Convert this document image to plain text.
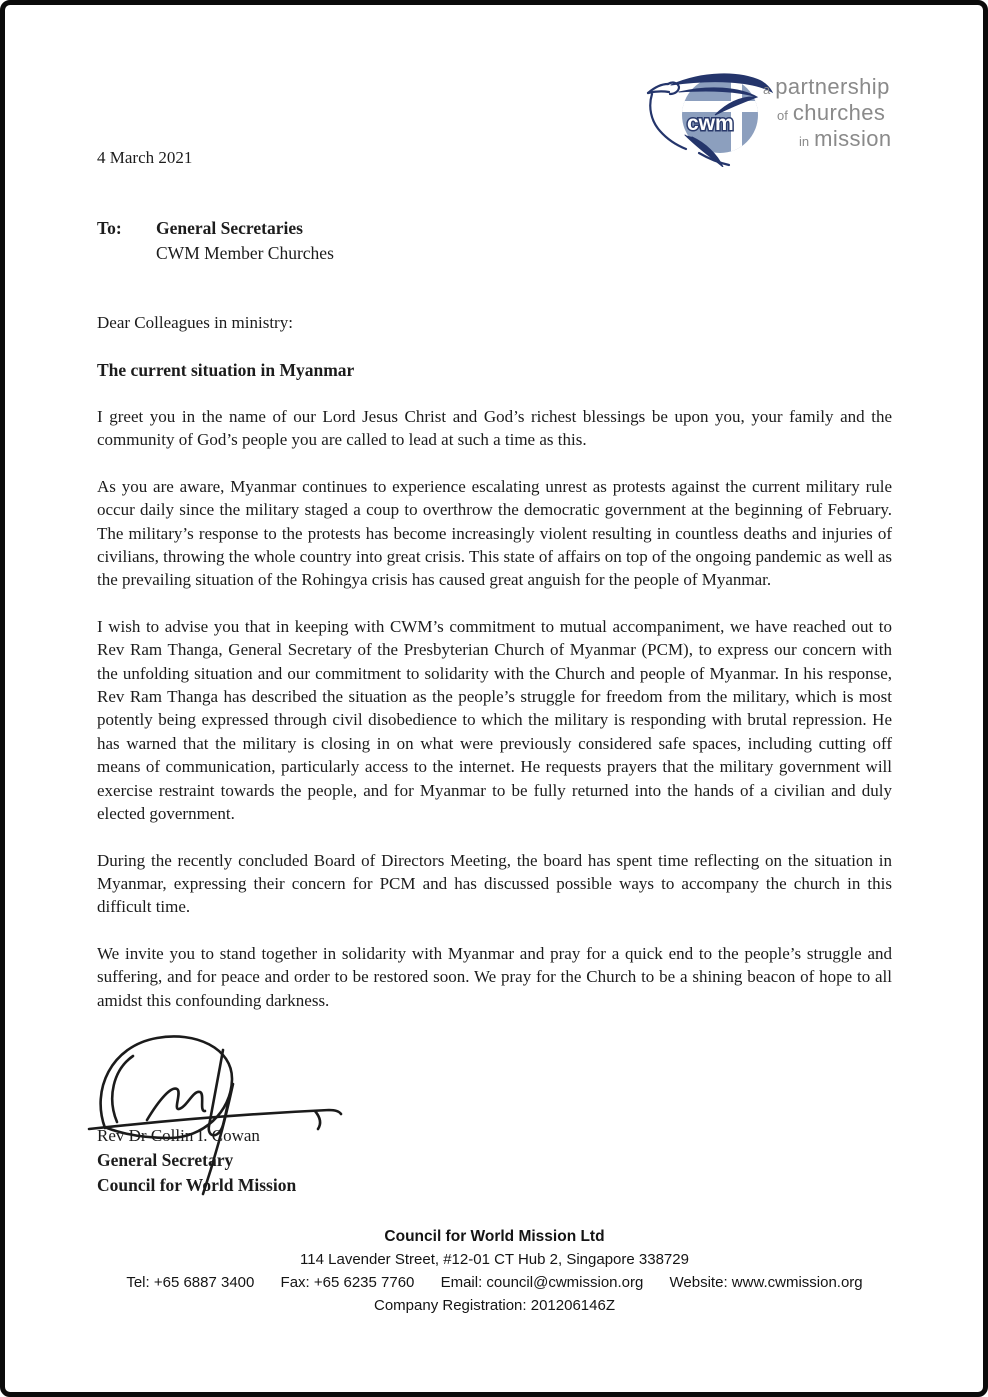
cwm
a partnership
of churches
in mission
4 March 2021
To:	General Secretaries
CWM Member Churches
Dear Colleagues in ministry:
The current situation in Myanmar

I greet you in the name of our Lord Jesus Christ and God’s richest blessings be upon you, your family and the community of God’s people you are called to lead at such a time as this.

As you are aware, Myanmar continues to experience escalating unrest as protests against the current military rule occur daily since the military staged a coup to overthrow the democratic government at the beginning of February. The military’s response to the protests has become increasingly violent resulting in countless deaths and injuries of civilians, throwing the whole country into great crisis. This state of affairs on top of the ongoing pandemic as well as the prevailing situation of the Rohingya crisis has caused great anguish for the people of Myanmar.

I wish to advise you that in keeping with CWM’s commitment to mutual accompaniment, we have reached out to Rev Ram Thanga, General Secretary of the Presbyterian Church of Myanmar (PCM), to express our concern with the unfolding situation and our commitment to solidarity with the Church and people of Myanmar. In his response, Rev Ram Thanga has described the situation as the people’s struggle for freedom from the military, which is most potently being expressed through civil disobedience to which the military is responding with brutal repression. He has warned that the military is closing in on what were previously considered safe spaces, including cutting off means of communication, particularly access to the internet. He requests prayers that the military government will exercise restraint towards the people, and for Myanmar to be fully returned into the hands of a civilian and duly elected government.

During the recently concluded Board of Directors Meeting, the board has spent time reflecting on the situation in Myanmar, expressing their concern for PCM and has discussed possible ways to accompany the church in this difficult time.

We invite you to stand together in solidarity with Myanmar and pray for a quick end to the people’s struggle and suffering, and for peace and order to be restored soon. We pray for the Church to be a shining beacon of hope to all amidst this confounding darkness.

Rev Dr Collin I. Cowan
General Secretary
Council for World Mission
Council for World Mission Ltd
114 Lavender Street, #12-01 CT Hub 2, Singapore 338729
Tel: +65 6887 3400 Fax: +65 6235 7760 Email: council@cwmission.org Website: www.cwmission.org
Company Registration: 201206146Z
